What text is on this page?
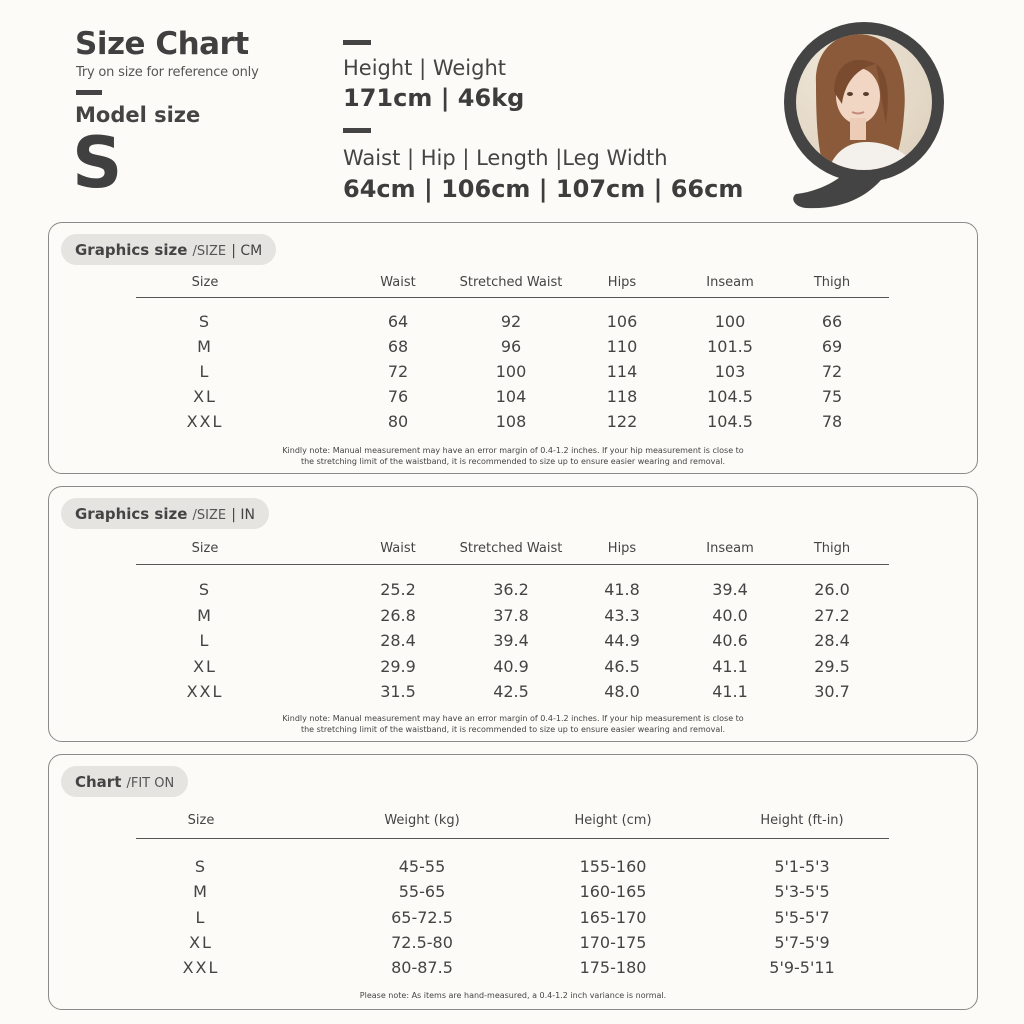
Size Chart
Try on size for reference only
Model size
S
Height | Weight
171cm | 46kg
Waist | Hip | Length |Leg Width
64cm | 106cm | 107cm | 66cm
Graphics size /SIZE | CM
Size	Waist	Stretched Waist	Hips	Inseam	Thigh
S	64	92	106	100	66
M	68	96	110	101.5	69
L	72	100	114	103	72
XL	76	104	118	104.5	75
XXL	80	108	122	104.5	78
Kindly note: Manual measurement may have an error margin of 0.4-1.2 inches. If your hip measurement is close to
the stretching limit of the waistband, it is recommended to size up to ensure easier wearing and removal.
Graphics size /SIZE | IN
Size	Waist	Stretched Waist	Hips	Inseam	Thigh
S	25.2	36.2	41.8	39.4	26.0
M	26.8	37.8	43.3	40.0	27.2
L	28.4	39.4	44.9	40.6	28.4
XL	29.9	40.9	46.5	41.1	29.5
XXL	31.5	42.5	48.0	41.1	30.7
Kindly note: Manual measurement may have an error margin of 0.4-1.2 inches. If your hip measurement is close to
the stretching limit of the waistband, it is recommended to size up to ensure easier wearing and removal.
Chart /FIT ON
Size	Weight (kg)	Height (cm)	Height (ft-in)
S	45-55	155-160	5'1-5'3
M	55-65	160-165	5'3-5'5
L	65-72.5	165-170	5'5-5'7
XL	72.5-80	170-175	5'7-5'9
XXL	80-87.5	175-180	5'9-5'11
Please note: As items are hand-measured, a 0.4-1.2 inch variance is normal.
